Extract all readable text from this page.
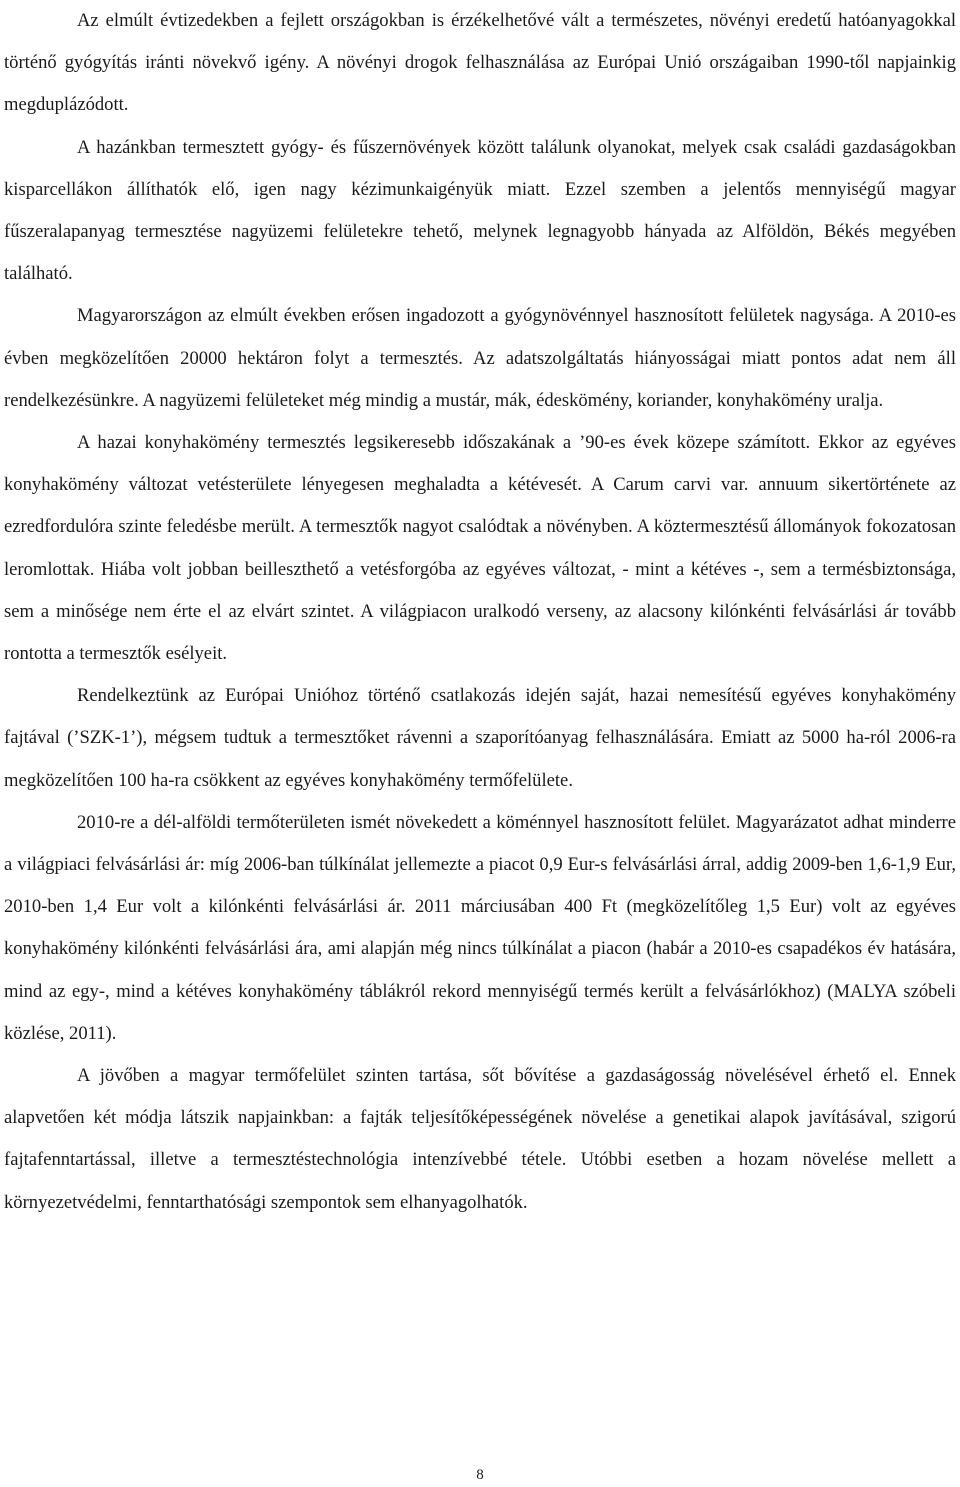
Az elmúlt évtizedekben a fejlett országokban is érzékelhetővé vált a természetes, növényi eredetű hatóanyagokkal történő gyógyítás iránti növekvő igény. A növényi drogok felhasználása az Európai Unió országaiban 1990-től napjainkig megduplázódott.

A hazánkban termesztett gyógy- és fűszernövények között találunk olyanokat, melyek csak családi gazdaságokban kisparcellákon állíthatók elő, igen nagy kézimunkaigényük miatt. Ezzel szemben a jelentős mennyiségű magyar fűszeralapanyag termesztése nagyüzemi felületekre tehető, melynek legnagyobb hányada az Alföldön, Békés megyében található.

Magyarországon az elmúlt években erősen ingadozott a gyógynövénnyel hasznosított felületek nagysága. A 2010-es évben megközelítően 20000 hektáron folyt a termesztés. Az adatszolgáltatás hiányosságai miatt pontos adat nem áll rendelkezésünkre. A nagyüzemi felületeket még mindig a mustár, mák, édeskömény, koriander, konyhakömény uralja.

A hazai konyhakömény termesztés legsikeresebb időszakának a ’90-es évek közepe számított. Ekkor az egyéves konyhakömény változat vetésterülete lényegesen meghaladta a kétévesét. A Carum carvi var. annuum sikertörténete az ezredfordulóra szinte feledésbe merült. A termesztők nagyot csalódtak a növényben. A köztermesztésű állományok fokozatosan leromlottak. Hiába volt jobban beilleszthető a vetésforgóba az egyéves változat, - mint a kétéves -, sem a termésbiztonsága, sem a minősége nem érte el az elvárt szintet. A világpiacon uralkodó verseny, az alacsony kilónkénti felvásárlási ár tovább rontotta a termesztők esélyeit.

Rendelkeztünk az Európai Unióhoz történő csatlakozás idején saját, hazai nemesítésű egyéves konyhakömény fajtával (’SZK-1’), mégsem tudtuk a termesztőket rávenni a szaporítóanyag felhasználására. Emiatt az 5000 ha-ról 2006-ra megközelítően 100 ha-ra csökkent az egyéves konyhakömény termőfelülete.

2010-re a dél-alföldi termőterületen ismét növekedett a köménnyel hasznosított felület. Magyarázatot adhat minderre a világpiaci felvásárlási ár: míg 2006-ban túlkínálat jellemezte a piacot 0,9 Eur-s felvásárlási árral, addig 2009-ben 1,6-1,9 Eur, 2010-ben 1,4 Eur volt a kilónkénti felvásárlási ár. 2011 márciusában 400 Ft (megközelítőleg 1,5 Eur) volt az egyéves konyhakömény kilónkénti felvásárlási ára, ami alapján még nincs túlkínálat a piacon (habár a 2010-es csapadékos év hatására, mind az egy-, mind a kétéves konyhakömény táblákról rekord mennyiségű termés került a felvásárlókhoz) (MALYA szóbeli közlése, 2011).

A jövőben a magyar termőfelület szinten tartása, sőt bővítése a gazdaságosság növelésével érhető el. Ennek alapvetően két módja látszik napjainkban: a fajták teljesítőképességének növelése a genetikai alapok javításával, szigorú fajtafenntartással, illetve a termesztéstechnológia intenzívebbé tétele. Utóbbi esetben a hozam növelése mellett a környezetvédelmi, fenntarthatósági szempontok sem elhanyagolhatók.

8
